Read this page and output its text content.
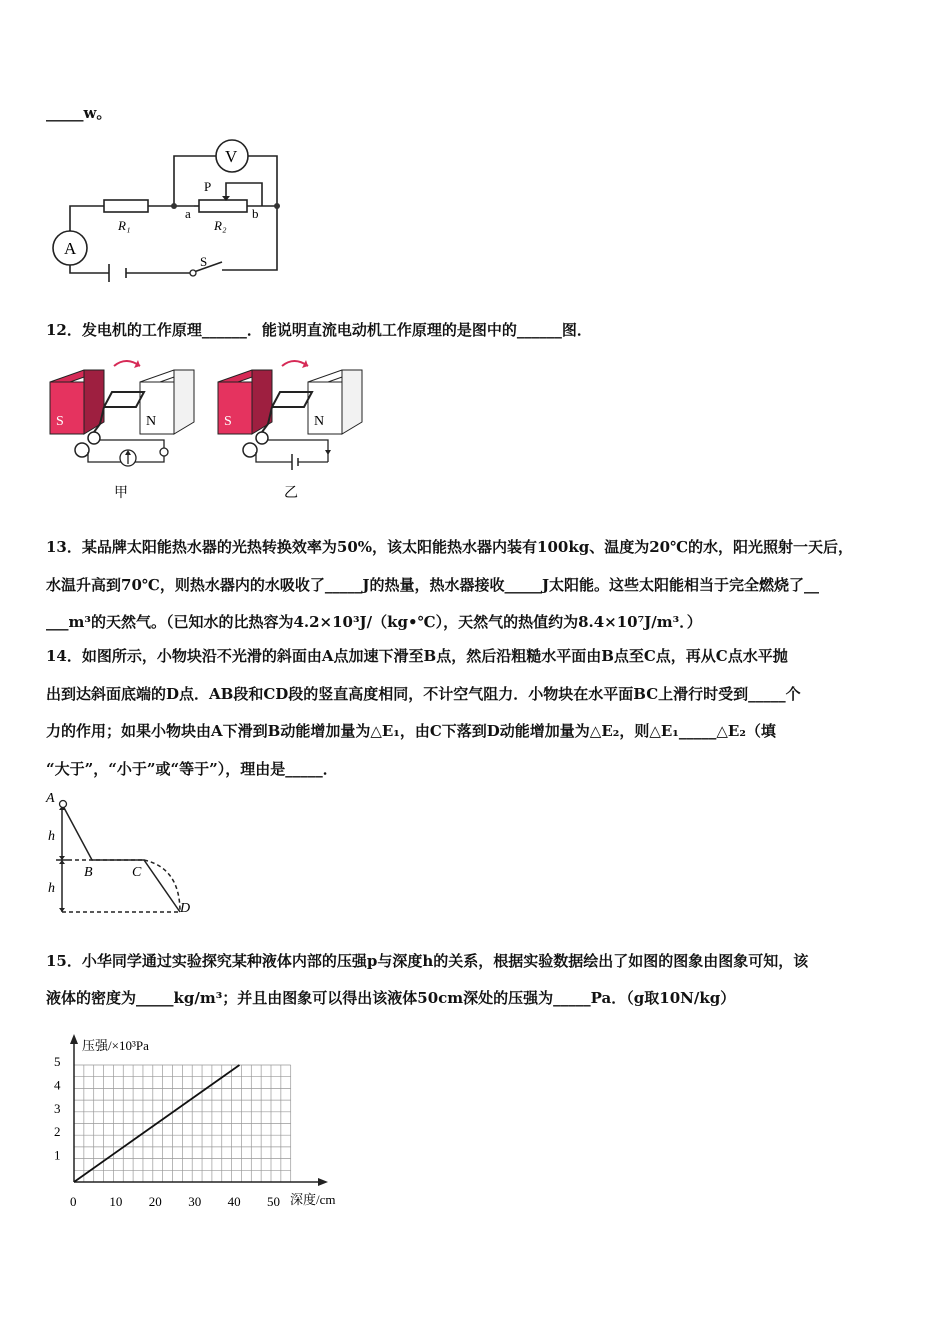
_____w。
A
V
P
R₁	R₂
a	b
S
12．发电机的工作原理______．能说明直流电动机工作原理的是图中的______图．
S	N
甲
S	N
乙
13．某品牌太阳能热水器的光热转换效率为50%，该太阳能热水器内装有100kg、温度为20℃的水，阳光照射一天后，
水温升高到70℃，则热水器内的水吸收了_____J的热量，热水器接收_____J太阳能。这些太阳能相当于完全燃烧了__
___m³的天然气。（已知水的比热容为4.2×10³J/（kg•℃），天然气的热值约为8.4×10⁷J/m³．）
14．如图所示，小物块沿不光滑的斜面由A点加速下滑至B点，然后沿粗糙水平面由B点至C点，再从C点水平抛
出到达斜面底端的D点．AB段和CD段的竖直高度相同，不计空气阻力．小物块在水平面BC上滑行时受到_____个
力的作用；如果小物块由A下滑到B动能增加量为△E₁，由C下落到D动能增加量为△E₂，则△E₁_____△E₂（填
“大于”，“小于”或“等于”），理由是_____．
A
B	C
D
h
h
15．小华同学通过实验探究某种液体内部的压强p与深度h的关系，根据实验数据绘出了如图的图象由图象可知，该
液体的密度为_____kg/m³；并且由图象可以得出该液体50cm深处的压强为_____Pa．（g取10N/kg）
0	10 20 30 40 50
1
2
3
4
5
压强/×10³Pa
深度/cm
